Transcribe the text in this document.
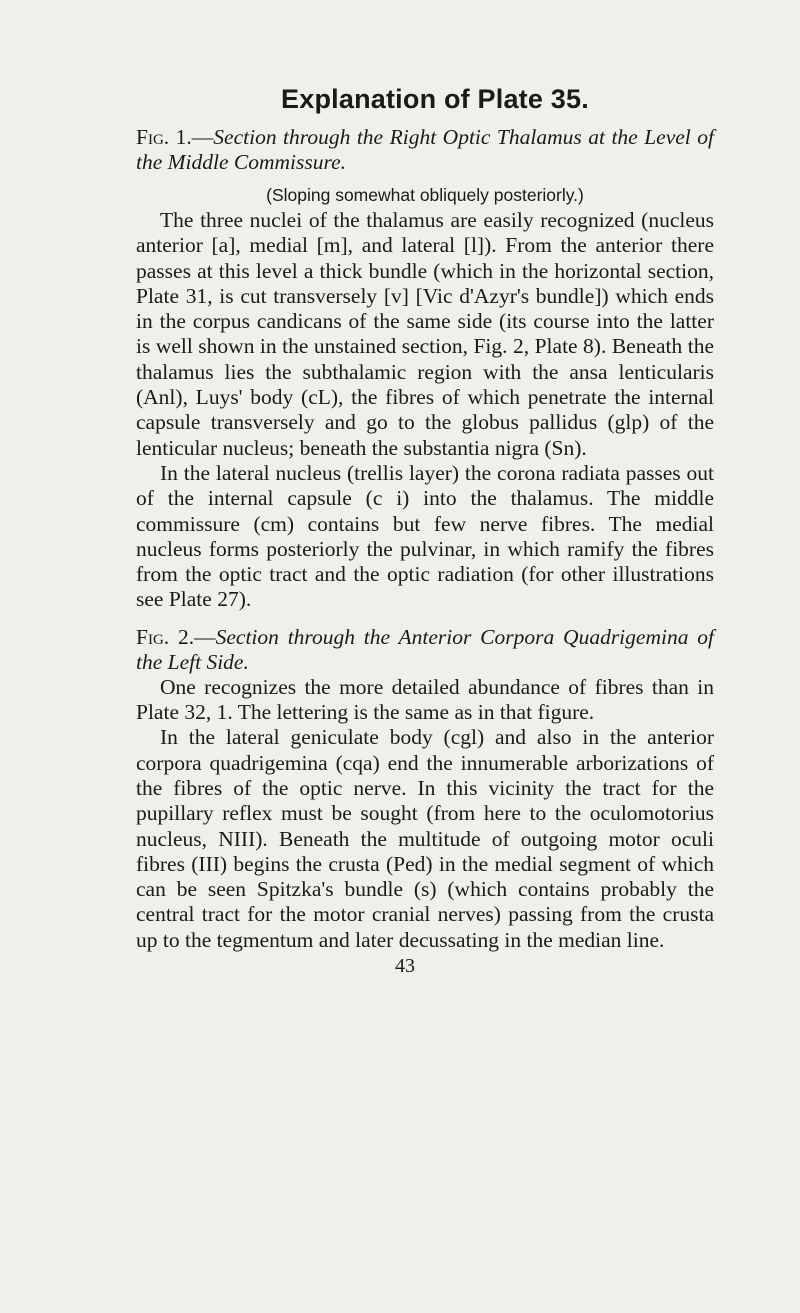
Explanation of Plate 35.

Fig. 1.—Section through the Right Optic Thalamus at the Level of the Middle Commissure.

(Sloping somewhat obliquely posteriorly.)

The three nuclei of the thalamus are easily recognized (nucleus anterior [a], medial [m], and lateral [l]). From the anterior there passes at this level a thick bundle (which in the horizontal section, Plate 31, is cut transversely [v] [Vic d'Azyr's bundle]) which ends in the corpus candicans of the same side (its course into the latter is well shown in the unstained section, Fig. 2, Plate 8). Beneath the thalamus lies the subthalamic region with the ansa lenticularis (Anl), Luys' body (cL), the fibres of which penetrate the internal capsule transversely and go to the globus pallidus (glp) of the lenticular nucleus; beneath the substantia nigra (Sn).

In the lateral nucleus (trellis layer) the corona radiata passes out of the internal capsule (c i) into the thalamus. The middle commissure (cm) contains but few nerve fibres. The medial nucleus forms posteriorly the pulvinar, in which ramify the fibres from the optic tract and the optic radiation (for other illustrations see Plate 27).

Fig. 2.—Section through the Anterior Corpora Quadrigemina of the Left Side.

One recognizes the more detailed abundance of fibres than in Plate 32, 1. The lettering is the same as in that figure.

In the lateral geniculate body (cgl) and also in the anterior corpora quadrigemina (cqa) end the innumerable arborizations of the fibres of the optic nerve. In this vicinity the tract for the pupillary reflex must be sought (from here to the oculomotorius nucleus, NIII). Beneath the multitude of outgoing motor oculi fibres (III) begins the crusta (Ped) in the medial segment of which can be seen Spitzka's bundle (s) (which contains probably the central tract for the motor cranial nerves) passing from the crusta up to the tegmentum and later decussating in the median line.

43
